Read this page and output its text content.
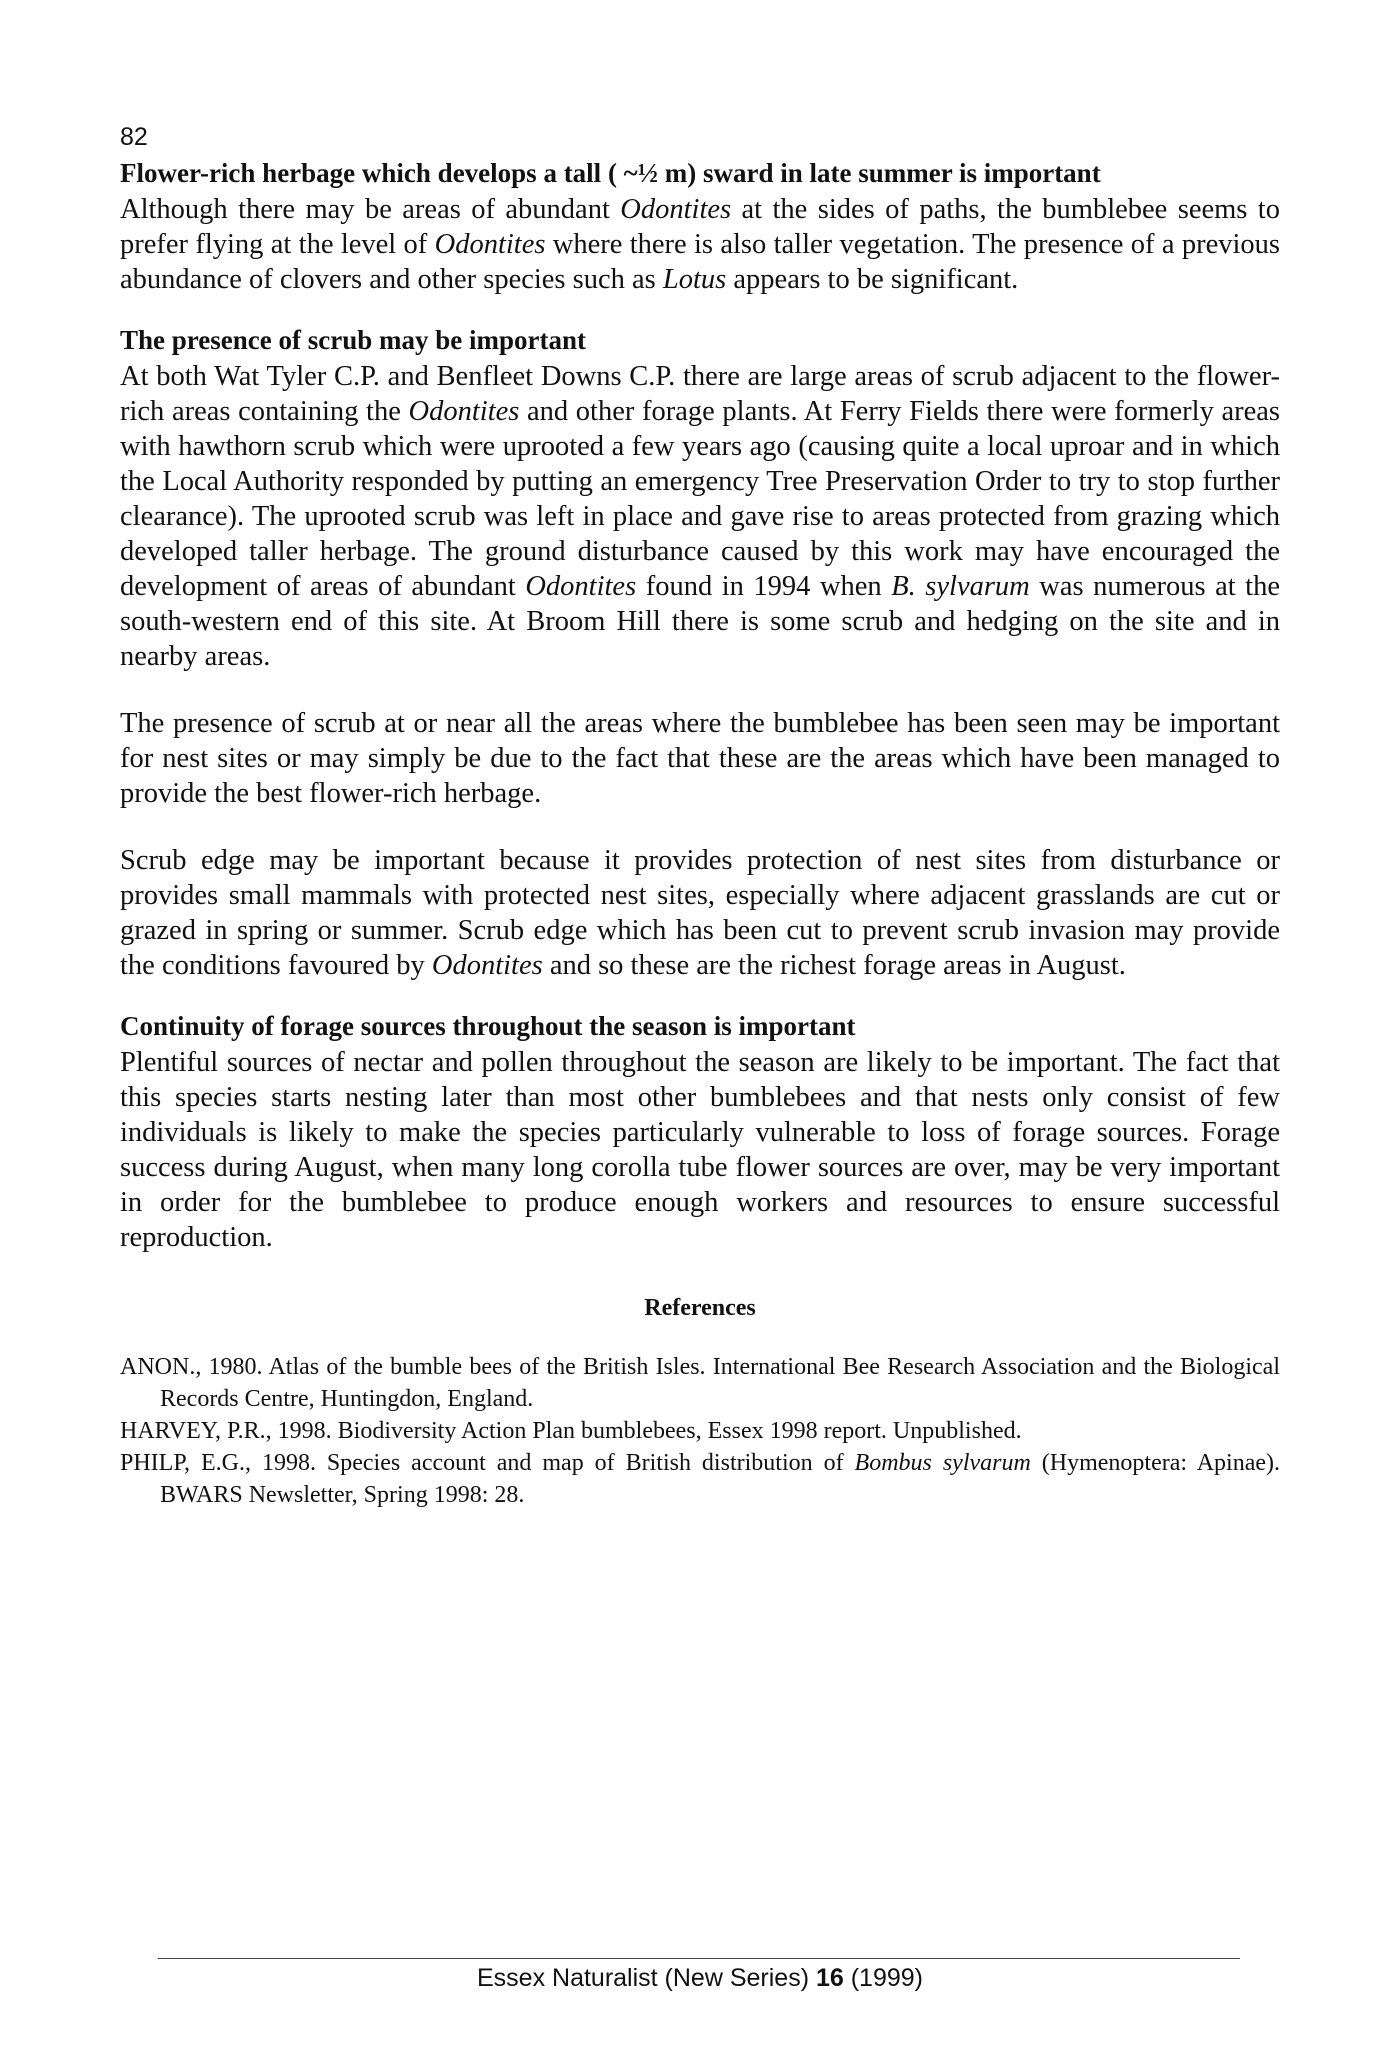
82
Flower-rich herbage which develops a tall ( ~½ m) sward in late summer is important

Although there may be areas of abundant Odontites at the sides of paths, the bumblebee seems to prefer flying at the level of Odontites where there is also taller vegetation. The presence of a previous abundance of clovers and other species such as Lotus appears to be significant.

The presence of scrub may be important

At both Wat Tyler C.P. and Benfleet Downs C.P. there are large areas of scrub adjacent to the flower-rich areas containing the Odontites and other forage plants. At Ferry Fields there were formerly areas with hawthorn scrub which were uprooted a few years ago (causing quite a local uproar and in which the Local Authority responded by putting an emergency Tree Preservation Order to try to stop further clearance). The uprooted scrub was left in place and gave rise to areas protected from grazing which developed taller herbage. The ground disturbance caused by this work may have encouraged the development of areas of abundant Odontites found in 1994 when B. sylvarum was numerous at the south-western end of this site. At Broom Hill there is some scrub and hedging on the site and in nearby areas.

The presence of scrub at or near all the areas where the bumblebee has been seen may be important for nest sites or may simply be due to the fact that these are the areas which have been managed to provide the best flower-rich herbage.

Scrub edge may be important because it provides protection of nest sites from disturbance or provides small mammals with protected nest sites, especially where adjacent grasslands are cut or grazed in spring or summer. Scrub edge which has been cut to prevent scrub invasion may provide the conditions favoured by Odontites and so these are the richest forage areas in August.

Continuity of forage sources throughout the season is important

Plentiful sources of nectar and pollen throughout the season are likely to be important. The fact that this species starts nesting later than most other bumblebees and that nests only consist of few individuals is likely to make the species particularly vulnerable to loss of forage sources. Forage success during August, when many long corolla tube flower sources are over, may be very important in order for the bumblebee to produce enough workers and resources to ensure successful reproduction.

References

ANON., 1980. Atlas of the bumble bees of the British Isles. International Bee Research Association and the Biological Records Centre, Huntingdon, England.

HARVEY, P.R., 1998. Biodiversity Action Plan bumblebees, Essex 1998 report. Unpublished.

PHILP, E.G., 1998. Species account and map of British distribution of Bombus sylvarum (Hymenoptera: Apinae). BWARS Newsletter, Spring 1998: 28.

Essex Naturalist (New Series) 16 (1999)
